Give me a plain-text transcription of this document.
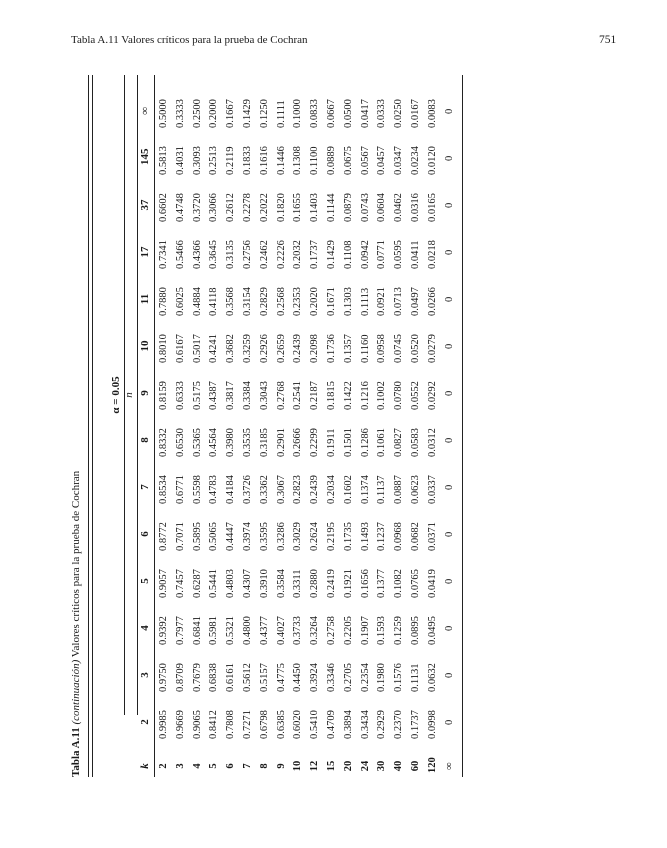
Tabla A.11 Valores críticos para la prueba de Cochran	751
Tabla A.11 (continuación) Valores críticos para la prueba de Cochran
α = 0.05 n
k
2
3
4
5
6
7
8
9
10
11
17
37
145
∞
2
0.9985
0.9750
0.9392
0.9057
0.8772
0.8534
0.8332
0.8159
0.8010
0.7880
0.7341
0.6602
0.5813
0.5000
3
0.9669
0.8709
0.7977
0.7457
0.7071
0.6771
0.6530
0.6333
0.6167
0.6025
0.5466
0.4748
0.4031
0.3333
4
0.9065
0.7679
0.6841
0.6287
0.5895
0.5598
0.5365
0.5175
0.5017
0.4884
0.4366
0.3720
0.3093
0.2500
5
0.8412
0.6838
0.5981
0.5441
0.5065
0.4783
0.4564
0.4387
0.4241
0.4118
0.3645
0.3066
0.2513
0.2000
6
0.7808
0.6161
0.5321
0.4803
0.4447
0.4184
0.3980
0.3817
0.3682
0.3568
0.3135
0.2612
0.2119
0.1667
7
0.7271
0.5612
0.4800
0.4307
0.3974
0.3726
0.3535
0.3384
0.3259
0.3154
0.2756
0.2278
0.1833
0.1429
8
0.6798
0.5157
0.4377
0.3910
0.3595
0.3362
0.3185
0.3043
0.2926
0.2829
0.2462
0.2022
0.1616
0.1250
9
0.6385
0.4775
0.4027
0.3584
0.3286
0.3067
0.2901
0.2768
0.2659
0.2568
0.2226
0.1820
0.1446
0.1111
10
0.6020
0.4450
0.3733
0.3311
0.3029
0.2823
0.2666
0.2541
0.2439
0.2353
0.2032
0.1655
0.1308
0.1000
12
0.5410
0.3924
0.3264
0.2880
0.2624
0.2439
0.2299
0.2187
0.2098
0.2020
0.1737
0.1403
0.1100
0.0833
15
0.4709
0.3346
0.2758
0.2419
0.2195
0.2034
0.1911
0.1815
0.1736
0.1671
0.1429
0.1144
0.0889
0.0667
20
0.3894
0.2705
0.2205
0.1921
0.1735
0.1602
0.1501
0.1422
0.1357
0.1303
0.1108
0.0879
0.0675
0.0500
24
0.3434
0.2354
0.1907
0.1656
0.1493
0.1374
0.1286
0.1216
0.1160
0.1113
0.0942
0.0743
0.0567
0.0417
30
0.2929
0.1980
0.1593
0.1377
0.1237
0.1137
0.1061
0.1002
0.0958
0.0921
0.0771
0.0604
0.0457
0.0333
40
0.2370
0.1576
0.1259
0.1082
0.0968
0.0887
0.0827
0.0780
0.0745
0.0713
0.0595
0.0462
0.0347
0.0250
60
0.1737
0.1131
0.0895
0.0765
0.0682
0.0623
0.0583
0.0552
0.0520
0.0497
0.0411
0.0316
0.0234
0.0167
120
0.0998
0.0632
0.0495
0.0419
0.0371
0.0337
0.0312
0.0292
0.0279
0.0266
0.0218
0.0165
0.0120
0.0083
∞
0
0
0
0
0
0
0
0
0
0
0
0
0
0
